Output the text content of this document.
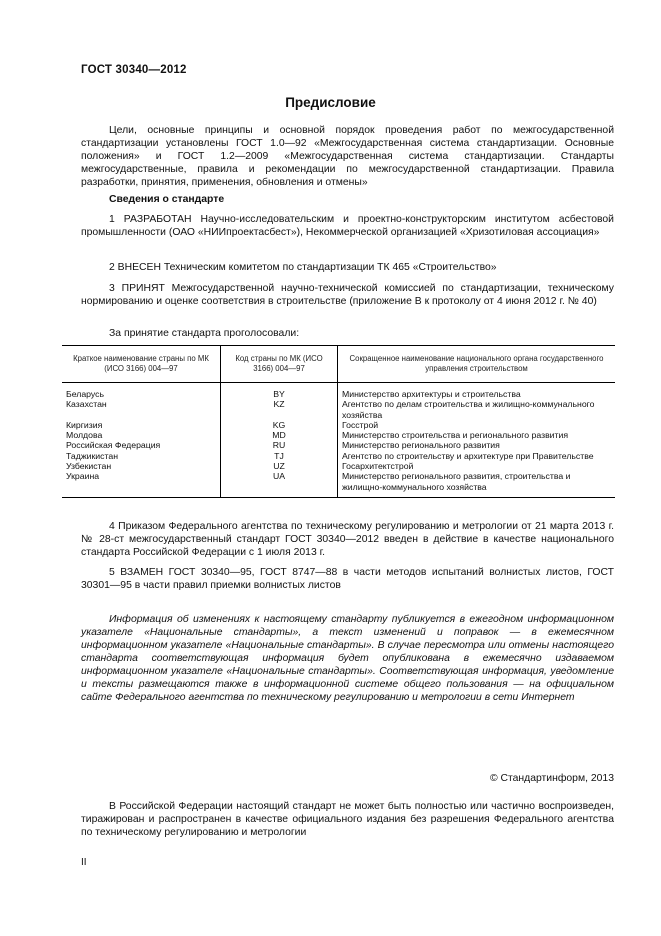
ГОСТ 30340—2012
Предисловие
Цели, основные принципы и основной порядок проведения работ по межгосударственной стандартизации установлены ГОСТ 1.0—92 «Межгосударственная система стандартизации. Основные положения» и ГОСТ 1.2—2009 «Межгосударственная система стандартизации. Стандарты межгосударственные, правила и рекомендации по межгосударственной стандартизации. Правила разработки, принятия, применения, обновления и отмены»
Сведения о стандарте
1 РАЗРАБОТАН Научно-исследовательским и проектно-конструкторским институтом асбестовой промышленности (ОАО «НИИпроектасбест»), Некоммерческой организацией «Хризотиловая ассоциация»
2 ВНЕСЕН Техническим комитетом по стандартизации ТК 465 «Строительство»
3 ПРИНЯТ Межгосударственной научно-технической комиссией по стандартизации, техническому нормированию и оценке соответствия в строительстве (приложение В к протоколу от 4 июня 2012 г. № 40)
За принятие стандарта проголосовали:
Краткое наименование страны по МК (ИСО 3166) 004—97	Код страны по МК (ИСО 3166) 004—97	Сокращенное наименование национального органа государственного управления строительством
Беларусь	BY	Министерство архитектуры и строительства
Казахстан	KZ	Агентство по делам строительства и жилищно-коммунального хозяйства
Киргизия	KG	Госстрой
Молдова	MD	Министерство строительства и регионального развития
Российская Федерация	RU	Министерство регионального развития
Таджикистан	TJ	Агентство по строительству и архитектуре при Правительстве
Узбекистан	UZ	Госархитектстрой
Украина	UA	Министерство регионального развития, строительства и жилищно-коммунального хозяйства
4 Приказом Федерального агентства по техническому регулированию и метрологии от 21 марта 2013 г. № 28-ст межгосударственный стандарт ГОСТ 30340—2012 введен в действие в качестве национального стандарта Российской Федерации с 1 июля 2013 г.
5 ВЗАМЕН ГОСТ 30340—95, ГОСТ 8747—88 в части методов испытаний волнистых листов, ГОСТ 30301—95 в части правил приемки волнистых листов
Информация об изменениях к настоящему стандарту публикуется в ежегодном информационном указателе «Национальные стандарты», а текст изменений и поправок — в ежемесячном информационном указателе «Национальные стандарты». В случае пересмотра или отмены настоящего стандарта соответствующая информация будет опубликована в ежемесячно издаваемом информационном указателе «Национальные стандарты». Соответствующая информация, уведомление и тексты размещаются также в информационной системе общего пользования — на официальном сайте Федерального агентства по техническому регулированию и метрологии в сети Интернет
© Стандартинформ, 2013
В Российской Федерации настоящий стандарт не может быть полностью или частично воспроизведен, тиражирован и распространен в качестве официального издания без разрешения Федерального агентства по техническому регулированию и метрологии
II
